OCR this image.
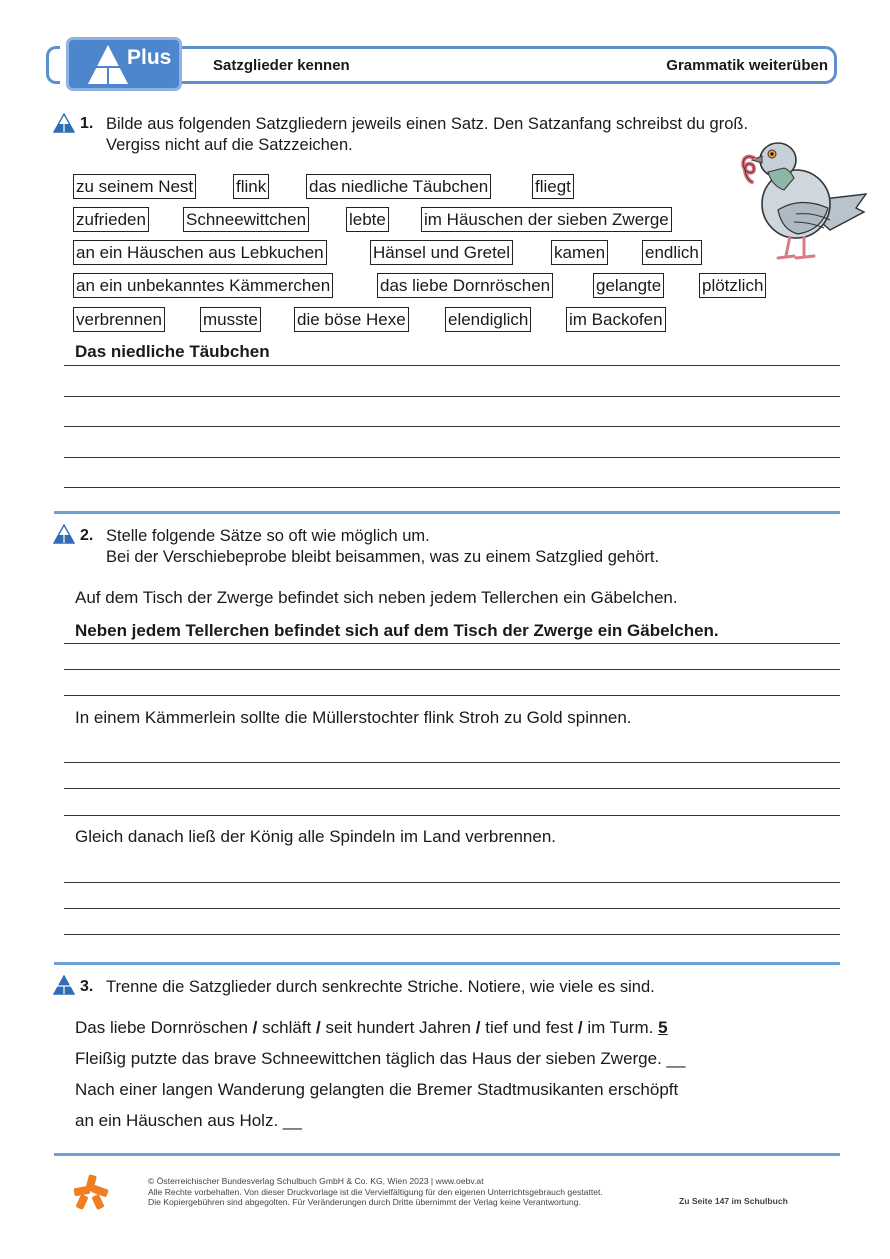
Plus	Satzglieder kennen	Grammatik weiterüben
1. Bilde aus folgenden Satzgliedern jeweils einen Satz. Den Satzanfang schreibst du groß.
Vergiss nicht auf die Satzzeichen.
zu seinem Nest	flink	das niedliche Täubchen	fliegt
zufrieden Schneewittchen	lebte im Häuschen der sieben Zwerge
an ein Häuschen aus Lebkuchen	Hänsel und Gretel	kamen endlich
an ein unbekanntes Kämmerchen	das liebe Dornröschen	gelangte plötzlich
verbrennen musste die böse Hexe elendiglich im Backofen
Das niedliche Täubchen
2. Stelle folgende Sätze so oft wie möglich um.
Bei der Verschiebeprobe bleibt beisammen, was zu einem Satzglied gehört.
Auf dem Tisch der Zwerge befindet sich neben jedem Tellerchen ein Gäbelchen.
Neben jedem Tellerchen befindet sich auf dem Tisch der Zwerge ein Gäbelchen.
In einem Kämmerlein sollte die Müllerstochter flink Stroh zu Gold spinnen.
Gleich danach ließ der König alle Spindeln im Land verbrennen.
3. Trenne die Satzglieder durch senkrechte Striche. Notiere, wie viele es sind.
Das liebe Dornröschen / schläft / seit hundert Jahren / tief und fest / im Turm. 5
Fleißig putzte das brave Schneewittchen täglich das Haus der sieben Zwerge. __
Nach einer langen Wanderung gelangten die Bremer Stadtmusikanten erschöpft
an ein Häuschen aus Holz. __
© Österreichischer Bundesverlag Schulbuch GmbH & Co. KG, Wien 2023 | www.oebv.at
Alle Rechte vorbehalten. Von dieser Druckvorlage ist die Vervielfältigung für den eigenen Unterrichtsgebrauch gestattet.
Die Kopiergebühren sind abgegolten. Für Veränderungen durch Dritte übernimmt der Verlag keine Verantwortung.	Zu Seite 147 im Schulbuch
